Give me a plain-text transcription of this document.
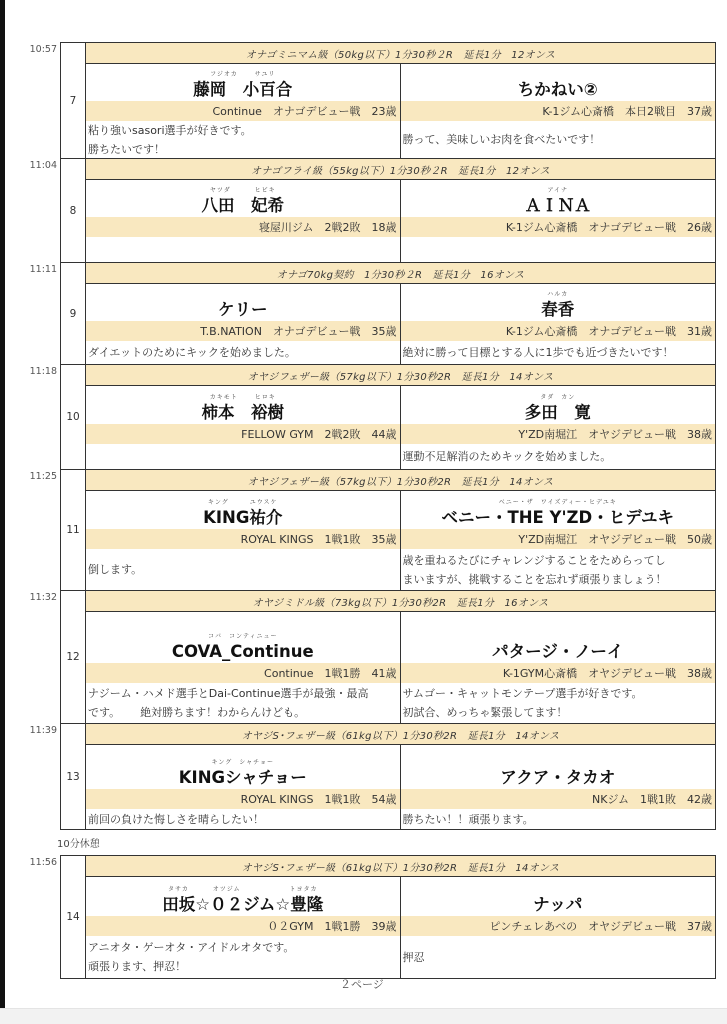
10:57
7
オナゴミニマム級（50kg以下）1分30秒２R　延長1分　12オンス
フジオカ　　 サユリ
藤岡　小百合
Continue　オナゴデビュー戦　23歳
粘り強いsasori選手が好きです。
勝ちたいです！
ちかねい②
K-1ジム心斎橋　本日2戦目　37歳
勝って、美味しいお肉を食べたいです！
11:04
8
オナゴフライ級（55kg以下）1分30秒２R　延長1分　12オンス
ヤツダ　　　 ヒビキ
八田　妃希
寝屋川ジム　2戦2敗　18歳
アイナ
ＡＩＮＡ
K-1ジム心斎橋　オナゴデビュー戦　26歳
11:11
9
オナゴ70kg契約　1分30秒２R　延長1分　16オンス
ケリー
T.B.NATION　オナゴデビュー戦　35歳
ダイエットのためにキックを始めました。
ハルカ
春香
K-1ジム心斎橋　オナゴデビュー戦　31歳
絶対に勝って目標とする人に1歩でも近づきたいです！
11:18
10
オヤジフェザー級（57kg以下）1分30秒2R　延長1分　14オンス
カキモト　　 ヒロキ
柿本　裕樹
FELLOW GYM　2戦2敗　44歳
タダ　カン
多田　寛
Y'ZD南堀江　オヤジデビュー戦　38歳
運動不足解消のためキックを始めました。
11:25
11
オヤジフェザー級（57kg以下）1分30秒2R　延長1分　14オンス
キング　　　ユウスケ
KING祐介
ROYAL KINGS　1戦1敗　35歳
倒します。
ベニー・ザ　ワイズディー・ヒデユキ
ベニー・THE Y'ZD・ヒデユキ
Y'ZD南堀江　オヤジデビュー戦　50歳
歳を重ねるたびにチャレンジすることをためらってし
まいますが、挑戦することを忘れず頑張りましょう！
11:32
12
オヤジミドル級（73kg以下）1分30秒2R　延長1分　16オンス
コバ　コンティニュー
COVA_Continue
Continue　1戦1勝　41歳
ナジーム・ハメド選手とDai-Continue選手が最強・最高
です。　　 絶対勝ちます！わからんけども。
パタージ・ノーイ
K-1GYM心斎橋　オヤジデビュー戦　38歳
サムゴー・キャットモンテープ選手が好きです。
初試合、めっちゃ緊張してます！
11:39
13
オヤジS･フェザー級（61kg以下）1分30秒2R　延長1分　14オンス
キング　シャチョー
KINGシャチョー
ROYAL KINGS　1戦1敗　54歳
前回の負けた悔しさを晴らしたい！
アクア・タカオ
NKジム　1戦1敗　42歳
勝ちたい！！頑張ります。
10分休憩
11:56
14
オヤジS･フェザー級（61kg以下）1分30秒2R　延長1分　14オンス
タサカ　　　 オツジム　　　　　　　トヨタカ
田坂☆０２ジム☆豊隆
０２GYM　1戦1勝　39歳
アニオタ・ゲーオタ・アイドルオタです。
頑張ります、押忍！
ナッパ
ピンチェレあべの　オヤジデビュー戦　37歳
押忍
２ページ
